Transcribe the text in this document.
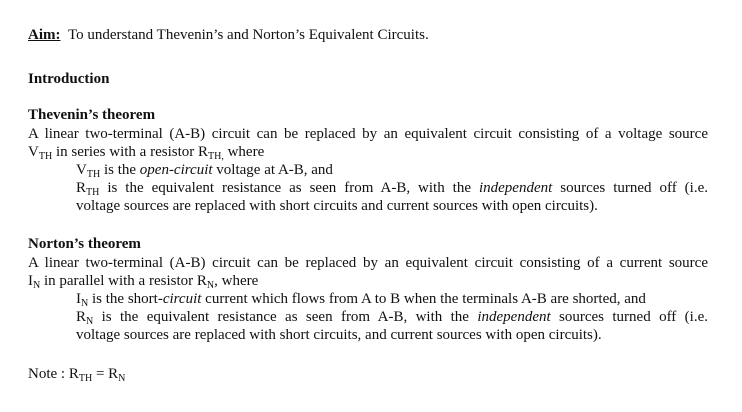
Aim: To understand Thevenin’s and Norton’s Equivalent Circuits.
Introduction
Thevenin’s theorem
A linear two-terminal (A-B) circuit can be replaced by an equivalent circuit consisting of a voltage source
$V_{TH}$ in series with a resistor $R_{TH,}$ where
$V_{TH}$ is the open-circuit voltage at A-B, and
$R_{TH}$ is the equivalent resistance as seen from A-B, with the independent sources turned off (i.e.
voltage sources are replaced with short circuits and current sources with open circuits).
Norton’s theorem
A linear two-terminal (A-B) circuit can be replaced by an equivalent circuit consisting of a current source
$I_N$ in parallel with a resistor $R_N$, where
$I_N$ is the short-circuit current which flows from A to B when the terminals A-B are shorted, and
$R_N$ is the equivalent resistance as seen from A-B, with the independent sources turned off (i.e.
voltage sources are replaced with short circuits, and current sources with open circuits).
Note : $R_{TH} = R_N$
